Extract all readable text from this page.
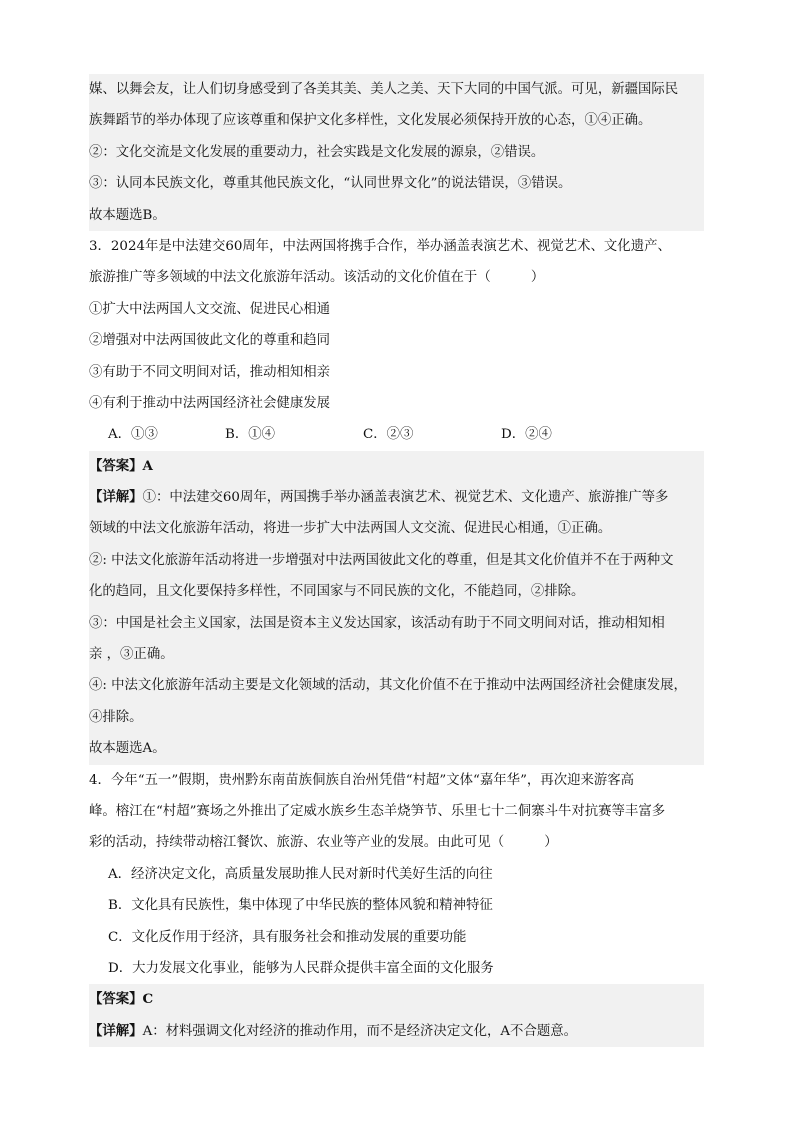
媒、以舞会友，让人们切身感受到了各美其美、美人之美、天下大同的中国气派。可见，新疆国际民
族舞蹈节的举办体现了应该尊重和保护文化多样性，文化发展必须保持开放的心态，①④正确。
②：文化交流是文化发展的重要动力，社会实践是文化发展的源泉，②错误。
③：认同本民族文化，尊重其他民族文化，“认同世界文化”的说法错误，③错误。
故本题选B。
3．2024年是中法建交60周年，中法两国将携手合作，举办涵盖表演艺术、视觉艺术、文化遗产、
旅游推广等多领域的中法文化旅游年活动。该活动的文化价值在于（　　　）
①扩大中法两国人文交流、促进民心相通
②增强对中法两国彼此文化的尊重和趋同
③有助于不同文明间对话，推动相知相亲
④有利于推动中法两国经济社会健康发展
A．①③	B．①④	C．②③	D．②④
【答案】A
【详解】①：中法建交60周年，两国携手举办涵盖表演艺术、视觉艺术、文化遗产、旅游推广等多
领域的中法文化旅游年活动，将进一步扩大中法两国人文交流、促进民心相通，①正确。
②: 中法文化旅游年活动将进一步增强对中法两国彼此文化的尊重，但是其文化价值并不在于两种文
化的趋同，且文化要保持多样性，不同国家与不同民族的文化，不能趋同，②排除。
③：中国是社会主义国家，法国是资本主义发达国家，该活动有助于不同文明间对话，推动相知相
亲 ，③正确。
④: 中法文化旅游年活动主要是文化领域的活动，其文化价值不在于推动中法两国经济社会健康发展，
④排除。
故本题选A。
4．今年“五一”假期，贵州黔东南苗族侗族自治州凭借“村超”文体“嘉年华”，再次迎来游客高
峰。榕江在“村超”赛场之外推出了定威水族乡生态羊烧笋节、乐里七十二侗寨斗牛对抗赛等丰富多
彩的活动，持续带动榕江餐饮、旅游、农业等产业的发展。由此可见（　　　）
A．经济决定文化，高质量发展助推人民对新时代美好生活的向往
B．文化具有民族性，集中体现了中华民族的整体风貌和精神特征
C．文化反作用于经济，具有服务社会和推动发展的重要功能
D．大力发展文化事业，能够为人民群众提供丰富全面的文化服务
【答案】C
【详解】A：材料强调文化对经济的推动作用，而不是经济决定文化，A不合题意。
